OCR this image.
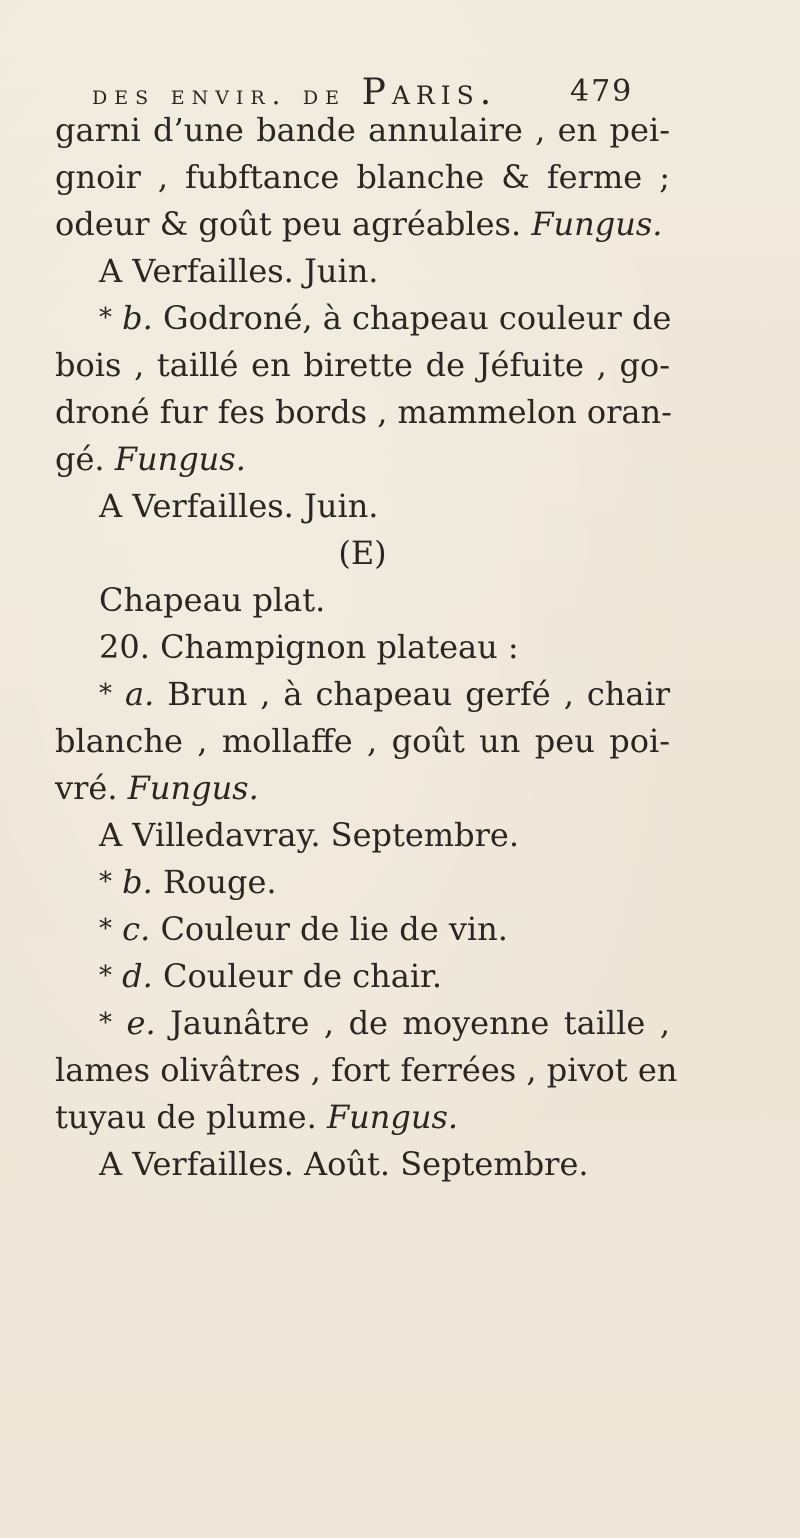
des envir. de Paris. 479
garni d’une bande annulaire , en pei-
gnoir , fubftance blanche & ferme ;
odeur & goût peu agréables. Fungus.
A Verfailles. Juin.
* b. Godroné, à chapeau couleur de
bois , taillé en birette de Jéfuite , go-
droné fur fes bords , mammelon oran-
gé. Fungus.
A Verfailles. Juin.
(E)
Chapeau plat.
20. Champignon plateau :
* a. Brun , à chapeau gerfé , chair
blanche , mollaffe , goût un peu poi-
vré. Fungus.
A Villedavray. Septembre.
* b. Rouge.
* c. Couleur de lie de vin.
* d. Couleur de chair.
* e. Jaunâtre , de moyenne taille ,
lames olivâtres , fort ferrées , pivot en
tuyau de plume. Fungus.
A Verfailles. Août. Septembre.
